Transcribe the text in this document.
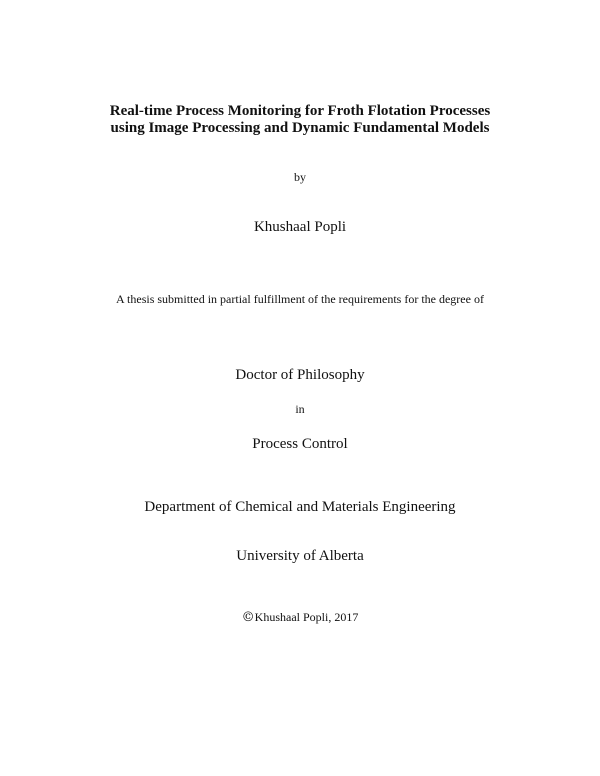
Real-time Process Monitoring for Froth Flotation Processes
using Image Processing and Dynamic Fundamental Models
by
Khushaal Popli
A thesis submitted in partial fulfillment of the requirements for the degree of
Doctor of Philosophy
in
Process Control
Department of Chemical and Materials Engineering
University of Alberta
©Khushaal Popli, 2017
